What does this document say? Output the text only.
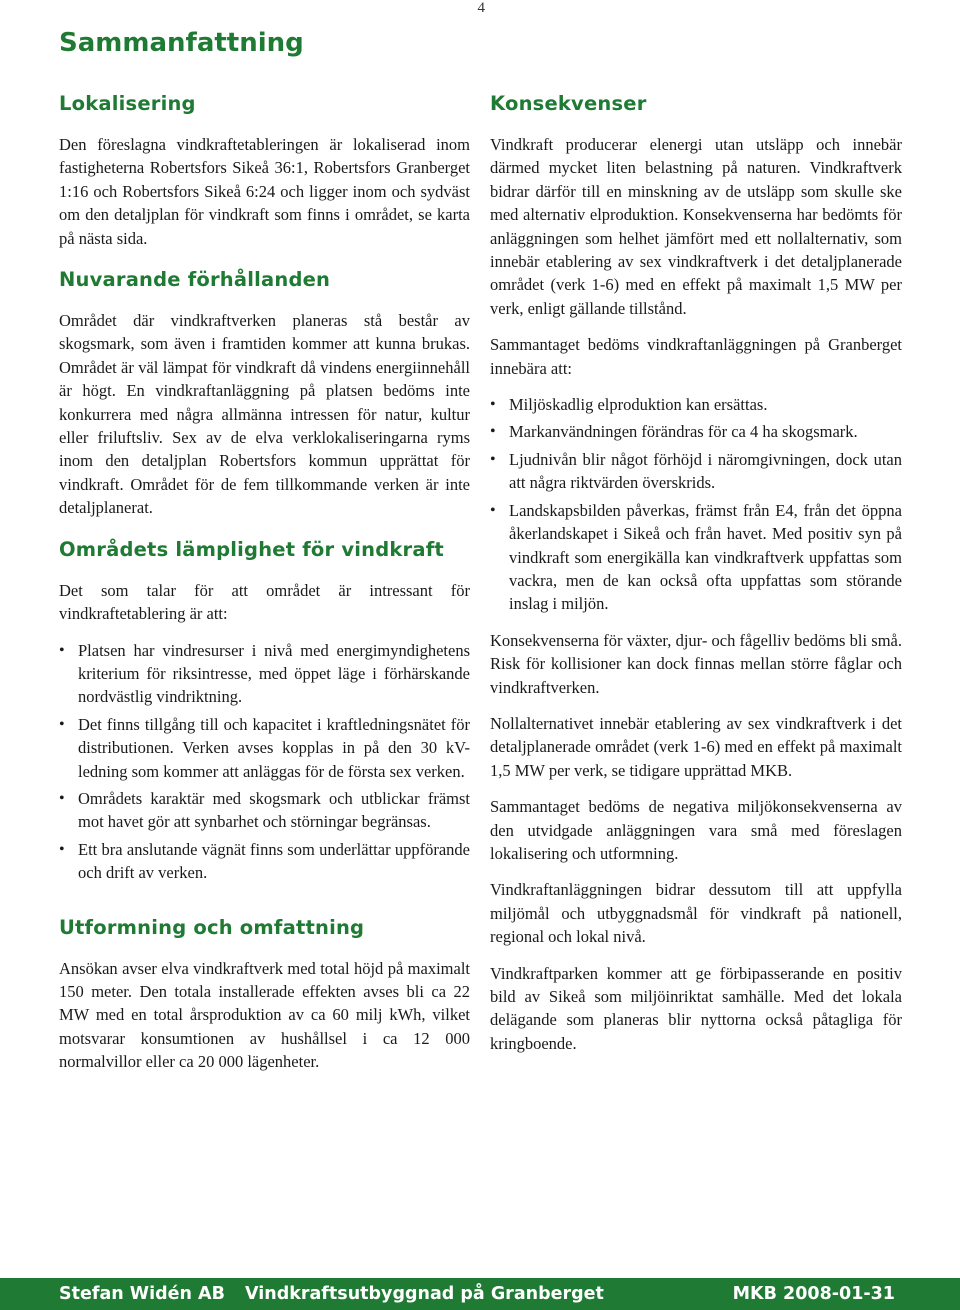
4
Sammanfattning
Lokalisering

Den föreslagna vindkraftetableringen är lokaliserad inom fastigheterna Robertsfors Sikeå 36:1, Robertsfors Granberget 1:16 och Robertsfors Sikeå 6:24 och ligger inom och sydväst om den detaljplan för vindkraft som finns i området, se karta på nästa sida.

Nuvarande förhållanden

Området där vindkraftverken planeras stå består av skogsmark, som även i framtiden kommer att kunna brukas. Området är väl lämpat för vindkraft då vindens energiinnehåll är högt. En vindkraftanläggning på platsen bedöms inte konkurrera med några allmänna intressen för natur, kultur eller friluftsliv. Sex av de elva verklokaliseringarna ryms inom den detaljplan Robertsfors kommun upprättat för vindkraft. Området för de fem tillkommande verken är inte detaljplanerat.

Områdets lämplighet för vindkraft

Det som talar för att området är intressant för vindkraftetablering är att:

• Platsen har vindresurser i nivå med energimyndighetens kriterium för riksintresse, med öppet läge i förhärskande nordvästlig vindriktning.
• Det finns tillgång till och kapacitet i kraftledningsnätet för distributionen. Verken avses kopplas in på den 30 kV-ledning som kommer att anläggas för de första sex verken.
• Områdets karaktär med skogsmark och utblickar främst mot havet gör att synbarhet och störningar begränsas.
• Ett bra anslutande vägnät finns som underlättar uppförande och drift av verken.
Utformning och omfattning

Ansökan avser elva vindkraftverk med total höjd på maximalt 150 meter. Den totala installerade effekten avses bli ca 22 MW med en total årsproduktion av ca 60 milj kWh, vilket motsvarar konsumtionen av hushållsel i ca 12 000 normalvillor eller ca 20 000 lägenheter.

Konsekvenser

Vindkraft producerar elenergi utan utsläpp och innebär därmed mycket liten belastning på naturen. Vindkraftverk bidrar därför till en minskning av de utsläpp som skulle ske med alternativ elproduktion. Konsekvenserna har bedömts för anläggningen som helhet jämfört med ett nollalternativ, som innebär etablering av sex vindkraftverk i det detaljplanerade området (verk 1-6) med en effekt på maximalt 1,5 MW per verk, enligt gällande tillstånd.

Sammantaget bedöms vindkraftanläggningen på Granberget innebära att:

• Miljöskadlig elproduktion kan ersättas.
• Markanvändningen förändras för ca 4 ha skogsmark.
• Ljudnivån blir något förhöjd i näromgivningen, dock utan att några riktvärden överskrids.
• Landskapsbilden påverkas, främst från E4, från det öppna åkerlandskapet i Sikeå och från havet. Med positiv syn på vindkraft som energikälla kan vindkraftverk uppfattas som vackra, men de kan också ofta uppfattas som störande inslag i miljön.

Konsekvenserna för växter, djur- och fågelliv bedöms bli små. Risk för kollisioner kan dock finnas mellan större fåglar och vindkraftverken.

Nollalternativet innebär etablering av sex vindkraftverk i det detaljplanerade området (verk 1-6) med en effekt på maximalt 1,5 MW per verk, se tidigare upprättad MKB.

Sammantaget bedöms de negativa miljökonsekvenserna av den utvidgade anläggningen vara små med föreslagen lokalisering och utformning.

Vindkraftanläggningen bidrar dessutom till att uppfylla miljömål och utbyggnadsmål för vindkraft på nationell, regional och lokal nivå.

Vindkraftparken kommer att ge förbipasserande en positiv bild av Sikeå som miljöinriktat samhälle. Med det lokala delägande som planeras blir nyttorna också påtagliga för kringboende.

Stefan Widén AB Vindkraftsutbyggnad på Granberget	MKB 2008-01-31
